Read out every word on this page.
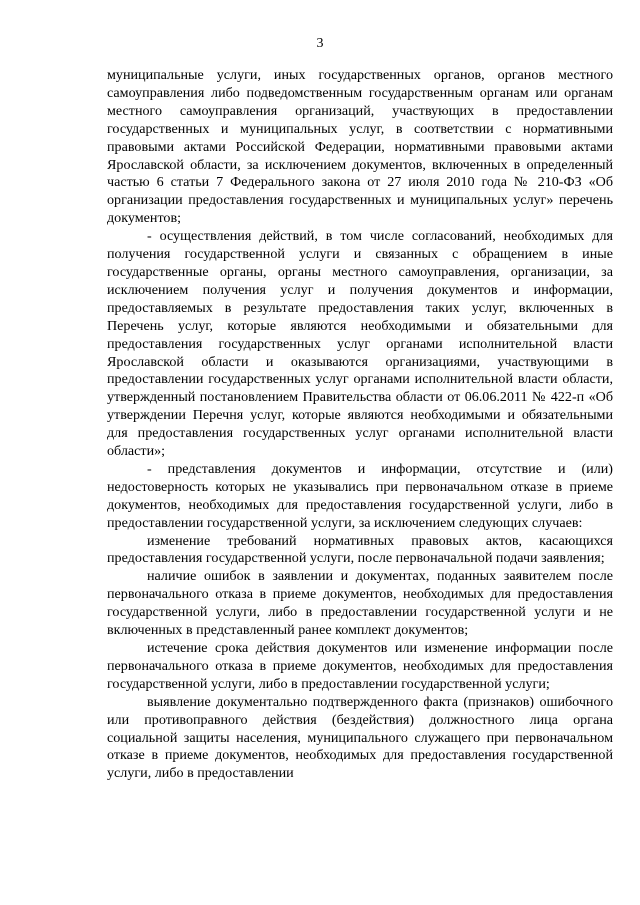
3

муниципальные услуги, иных государственных органов, органов местного самоуправления либо подведомственным государственным органам или органам местного самоуправления организаций, участвующих в предоставлении государственных и муниципальных услуг, в соответствии с нормативными правовыми актами Российской Федерации, нормативными правовыми актами Ярославской области, за исключением документов, включенных в определенный частью 6 статьи 7 Федерального закона от 27 июля 2010 года № 210-ФЗ «Об организации предоставления государственных и муниципальных услуг» перечень документов;

- осуществления действий, в том числе согласований, необходимых для получения государственной услуги и связанных с обращением в иные государственные органы, органы местного самоуправления, организации, за исключением получения услуг и получения документов и информации, предоставляемых в результате предоставления таких услуг, включенных в Перечень услуг, которые являются необходимыми и обязательными для предоставления государственных услуг органами исполнительной власти Ярославской области и оказываются организациями, участвующими в предоставлении государственных услуг органами исполнительной власти области, утвержденный постановлением Правительства области от 06.06.2011 № 422-п «Об утверждении Перечня услуг, которые являются необходимыми и обязательными для предоставления государственных услуг органами исполнительной власти области»;

- представления документов и информации, отсутствие и (или) недостоверность которых не указывались при первоначальном отказе в приеме документов, необходимых для предоставления государственной услуги, либо в предоставлении государственной услуги, за исключением следующих случаев:

изменение требований нормативных правовых актов, касающихся предоставления государственной услуги, после первоначальной подачи заявления;

наличие ошибок в заявлении и документах, поданных заявителем после первоначального отказа в приеме документов, необходимых для предоставления государственной услуги, либо в предоставлении государственной услуги и не включенных в представленный ранее комплект документов;

истечение срока действия документов или изменение информации после первоначального отказа в приеме документов, необходимых для предоставления государственной услуги, либо в предоставлении государственной услуги;

выявление документально подтвержденного факта (признаков) ошибочного или противоправного действия (бездействия) должностного лица органа социальной защиты населения, муниципального служащего при первоначальном отказе в приеме документов, необходимых для предоставления государственной услуги, либо в предоставлении
